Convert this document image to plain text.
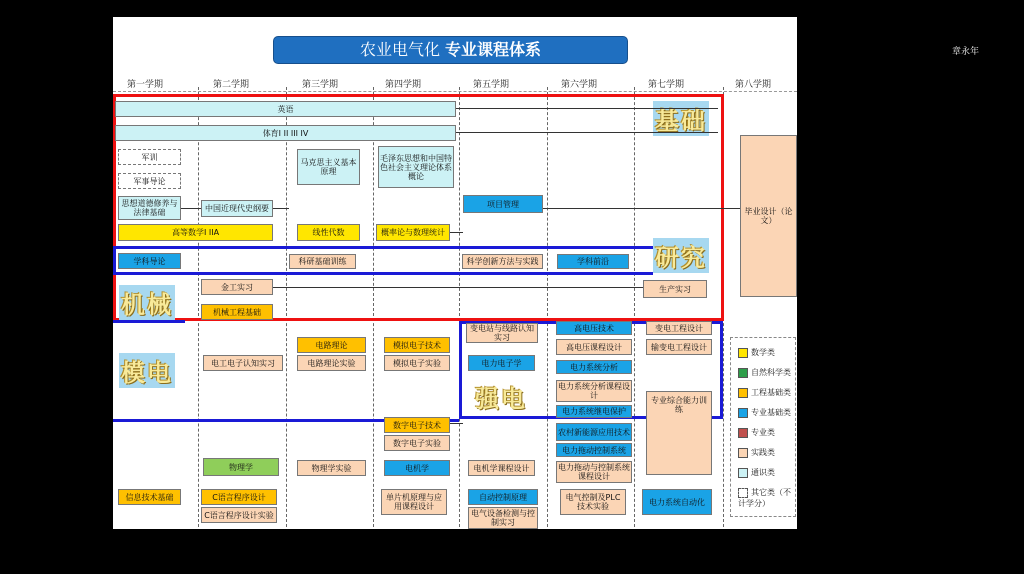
章永年
农业电气化 专业课程体系
第一学期	第二学期	第三学期	第四学期	第五学期	第六学期	第七学期	第八学期
基础
研究
机械
模电
强电
英语
体育I II III IV
军训
军事导论
思想道德修养与法律基础	中国近现代史纲要
马克思主义基本原理
毛泽东思想和中国特色社会主义理论体系概论
项目管理
毕业设计（论文）
高等数学I IIA	线性代数	概率论与数理统计
学科导论	科研基础训练	科学创新方法与实践	学科前沿
金工实习
机械工程基础
生产实习
变电站与线路认知实习
高电压技术
高电压课程设计
变电工程设计
输变电工程设计
电路理论
电路理论实验
电工电子认知实习
模拟电子技术
模拟电子实验	电力电子学	电力系统分析
电力系统分析课程设计
电力系统继电保护
专业综合能力训练
数字电子技术
数字电子实验
农村新能源应用技术
电力拖动控制系统
物理学	物理学实验	电机学	电机学课程设计	电力拖动与控制系统课程设计
信息技术基础	C语言程序设计
C语言程序设计实验
单片机原理与应用课程设计
自动控制原理
电气设备检测与控制实习
电气控制及PLC技术实验	电力系统自动化
数学类
自然科学类
工程基础类
专业基础类
专业类
实践类
通识类
其它类（不计学分）
